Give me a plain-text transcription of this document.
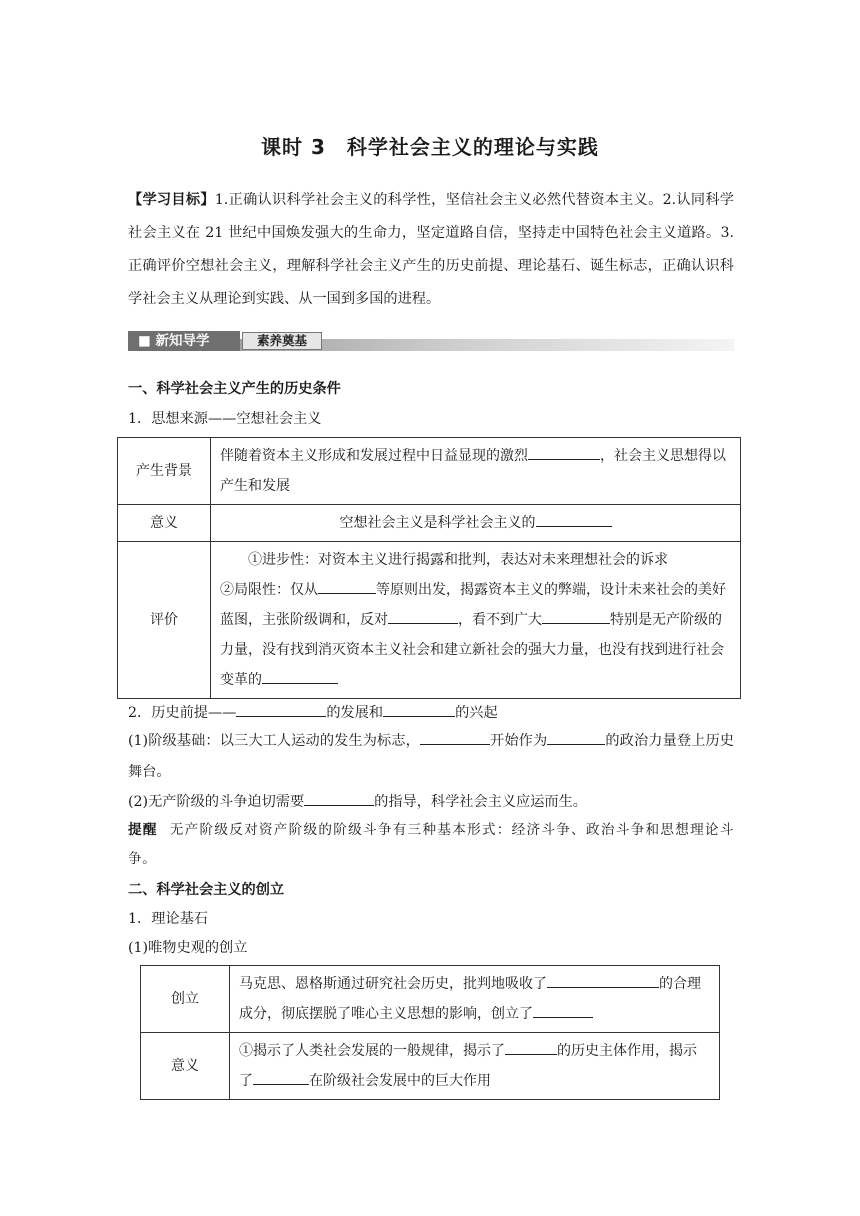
课时 3　科学社会主义的理论与实践
【学习目标】1.正确认识科学社会主义的科学性，坚信社会主义必然代替资本主义。2.认同科学社会主义在 21 世纪中国焕发强大的生命力，坚定道路自信，坚持走中国特色社会主义道路。3.正确评价空想社会主义，理解科学社会主义产生的历史前提、理论基石、诞生标志，正确认识科学社会主义从理论到实践、从一国到多国的进程。
■ 新知导学	素养奠基
一、科学社会主义产生的历史条件
1．思想来源——空想社会主义
产生背景	伴随着资本主义形成和发展过程中日益显现的激烈 ，社会主义思想得以产生和发展
意义	空想社会主义是科学社会主义的
评价	①进步性：对资本主义进行揭露和批判，表达对未来理想社会的诉求
②局限性：仅从 等原则出发，揭露资本主义的弊端，设计未来社会的美好蓝图，主张阶级调和，反对 ，看不到广大 特别是无产阶级的力量，没有找到消灭资本主义社会和建立新社会的强大力量，也没有找到进行社会变革的
2．历史前提——	的发展和	的兴起
(1)阶级基础：以三大工人运动的发生为标志，	开始作为	的政治力量登上历史舞台。
(2)无产阶级的斗争迫切需要	的指导，科学社会主义应运而生。
提醒 无产阶级反对资产阶级的阶级斗争有三种基本形式：经济斗争、政治斗争和思想理论斗争。
二、科学社会主义的创立
1．理论基石
(1)唯物史观的创立
创立	马克思、恩格斯通过研究社会历史，批判地吸收了 的合理成分，彻底摆脱了唯心主义思想的影响，创立了
意义	①揭示了人类社会发展的一般规律，揭示了 的历史主体作用，揭示了 在阶级社会发展中的巨大作用
